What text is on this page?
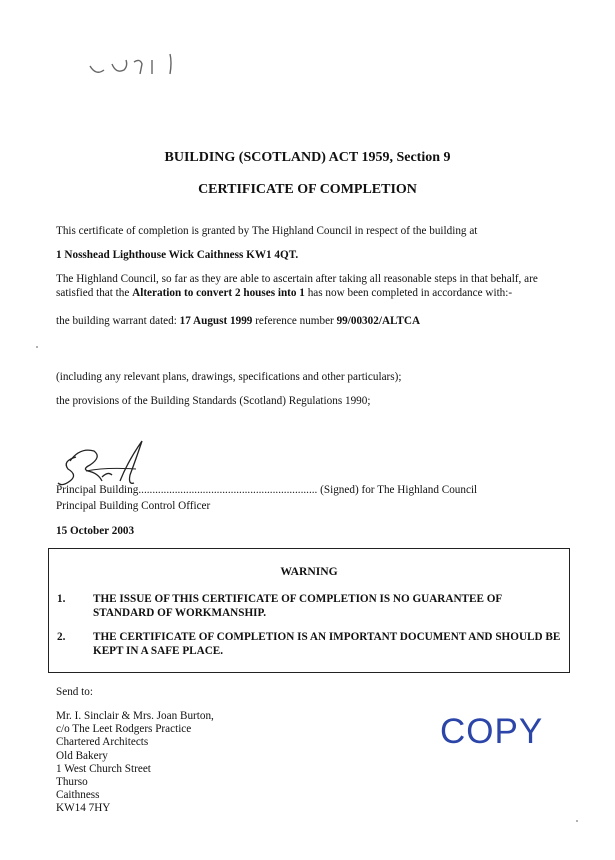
BUILDING (SCOTLAND) ACT 1959, Section 9
CERTIFICATE OF COMPLETION
This certificate of completion is granted by The Highland Council in respect of the building at
1 Nosshead Lighthouse Wick Caithness KW1 4QT.
The Highland Council, so far as they are able to ascertain after taking all reasonable steps in that behalf, are
satisfied that the Alteration to convert 2 houses into 1 has now been completed in accordance with:-
the building warrant dated: 17 August 1999 reference number 99/00302/ALTCA
(including any relevant plans, drawings, specifications and other particulars);
the provisions of the Building Standards (Scotland) Regulations 1990;
Principal Building................................................................ (Signed) for The Highland Council
Principal Building Control Officer
15 October 2003
WARNING
1. THE ISSUE OF THIS CERTIFICATE OF COMPLETION IS NO GUARANTEE OF STANDARD OF WORKMANSHIP.
2. THE CERTIFICATE OF COMPLETION IS AN IMPORTANT DOCUMENT AND SHOULD BE KEPT IN A SAFE PLACE.
Send to:
Mr. I. Sinclair & Mrs. Joan Burton,
c/o The Leet Rodgers Practice
Chartered Architects
Old Bakery
1 West Church Street
Thurso
Caithness
KW14 7HY
COPY
